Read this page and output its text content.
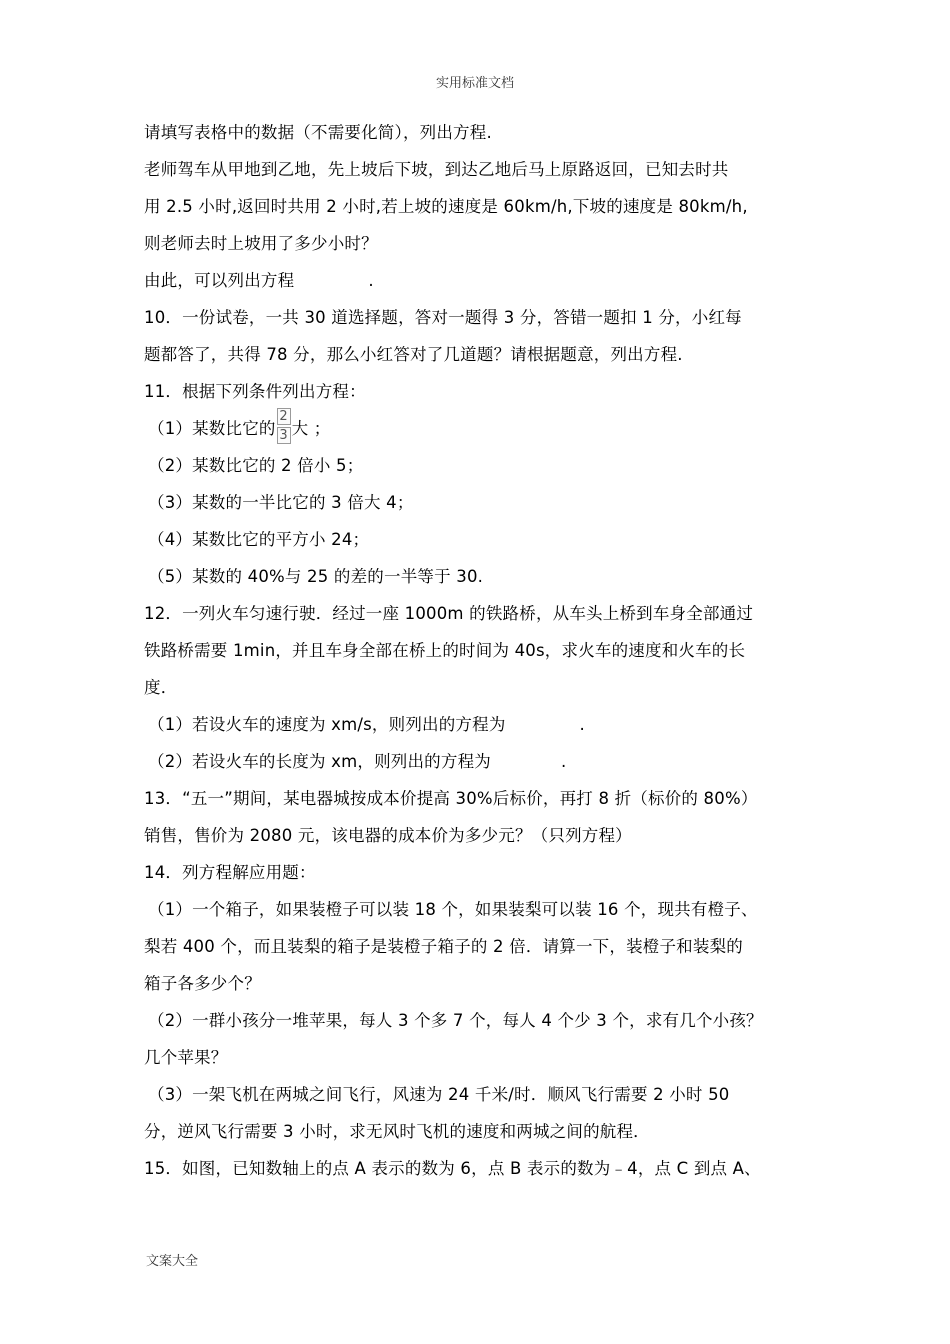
实用标准文档
请填写表格中的数据（不需要化简），列出方程.
老师驾车从甲地到乙地，先上坡后下坡，到达乙地后马上原路返回，已知去时共
用 2.5 小时,返回时共用 2 小时,若上坡的速度是 60km/h,下坡的速度是 80km/h,
则老师去时上坡用了多少小时？
由此，可以列出方程	.
10．一份试卷，一共 30 道选择题，答对一题得 3 分，答错一题扣 1 分，小红每
题都答了，共得 78 分，那么小红答对了几道题？请根据题意，列出方程.
11．根据下列条件列出方程：
（1）某数比它的 $\frac{2}{3}$ 大 ；
（2）某数比它的 2 倍小 5；
（3）某数的一半比它的 3 倍大 4；
（4）某数比它的平方小 24；
（5）某数的 40%与 25 的差的一半等于 30.
12．一列火车匀速行驶．经过一座 1000m 的铁路桥，从车头上桥到车身全部通过
铁路桥需要 1min，并且车身全部在桥上的时间为 40s，求火车的速度和火车的长
度．
（1）若设火车的速度为 xm/s，则列出的方程为	.
（2）若设火车的长度为 xm，则列出的方程为	.
13．“五一”期间，某电器城按成本价提高 30%后标价，再打 8 折（标价的 80%）
销售，售价为 2080 元，该电器的成本价为多少元？（只列方程）
14．列方程解应用题：
（1）一个箱子，如果装橙子可以装 18 个，如果装梨可以装 16 个，现共有橙子、
梨若 400 个，而且装梨的箱子是装橙子箱子的 2 倍．请算一下，装橙子和装梨的
箱子各多少个？
（2）一群小孩分一堆苹果，每人 3 个多 7 个，每人 4 个少 3 个，求有几个小孩？
几个苹果？
（3）一架飞机在两城之间飞行，风速为 24 千米/时．顺风飞行需要 2 小时 50
分，逆风飞行需要 3 小时，求无风时飞机的速度和两城之间的航程．
15．如图，已知数轴上的点 A 表示的数为 6，点 B 表示的数为﹣4，点 C 到点 A、
文案大全
